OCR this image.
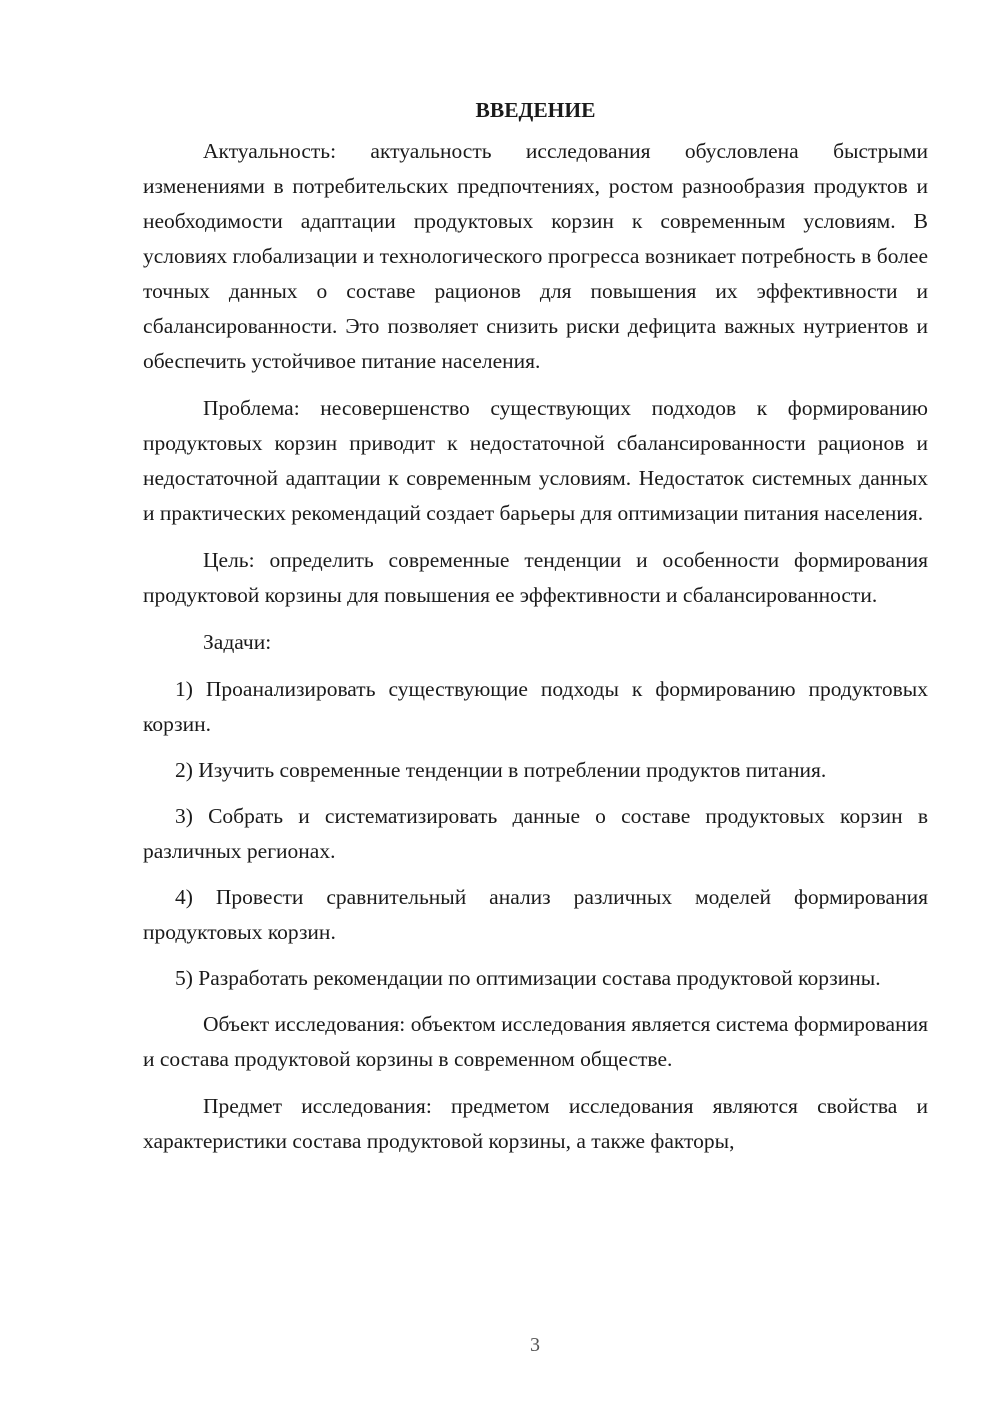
ВВЕДЕНИЕ

Актуальность: актуальность исследования обусловлена быстрыми изменениями в потребительских предпочтениях, ростом разнообразия продуктов и необходимости адаптации продуктовых корзин к современным условиям. В условиях глобализации и технологического прогресса возникает потребность в более точных данных о составе рационов для повышения их эффективности и сбалансированности. Это позволяет снизить риски дефицита важных нутриентов и обеспечить устойчивое питание населения.

Проблема: несовершенство существующих подходов к формированию продуктовых корзин приводит к недостаточной сбалансированности рационов и недостаточной адаптации к современным условиям. Недостаток системных данных и практических рекомендаций создает барьеры для оптимизации питания населения.

Цель: определить современные тенденции и особенности формирования продуктовой корзины для повышения ее эффективности и сбалансированности.

Задачи:

1) Проанализировать существующие подходы к формированию продуктовых корзин.

2) Изучить современные тенденции в потреблении продуктов питания.

3) Собрать и систематизировать данные о составе продуктовых корзин в различных регионах.

4) Провести сравнительный анализ различных моделей формирования продуктовых корзин.

5) Разработать рекомендации по оптимизации состава продуктовой корзины.

Объект исследования: объектом исследования является система формирования и состава продуктовой корзины в современном обществе.

Предмет исследования: предметом исследования являются свойства и характеристики состава продуктовой корзины, а также факторы,

3
